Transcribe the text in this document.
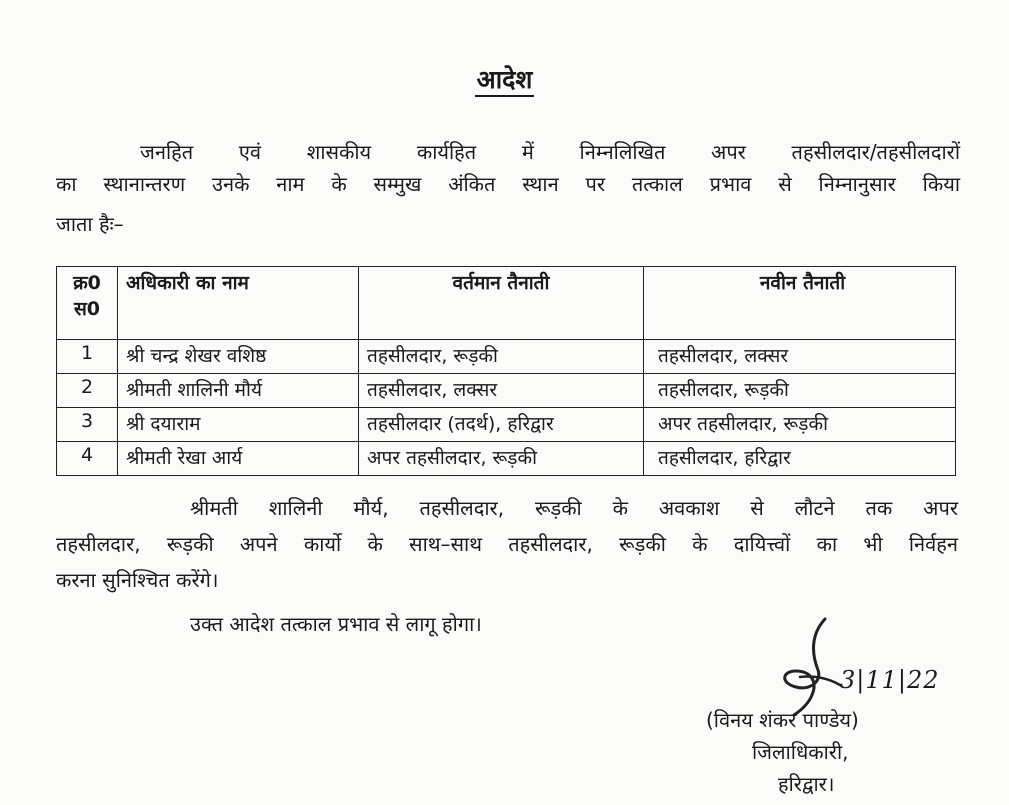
आदेश
जनहित एवं शासकीय कार्यहित में निम्नलिखित अपर तहसीलदार/तहसीलदारों
का स्थानान्तरण उनके नाम के सम्मुख अंकित स्थान पर तत्काल प्रभाव से निम्नानुसार किया
जाता हैः–
क्र0 स0	अधिकारी का नाम	वर्तमान तैनाती	नवीन तैनाती
1	श्री चन्द्र शेखर वशिष्ठ	तहसीलदार, रूड़की	तहसीलदार, लक्सर
2	श्रीमती शालिनी मौर्य	तहसीलदार, लक्सर	तहसीलदार, रूड़की
3	श्री दयाराम	तहसीलदार (तदर्थ), हरिद्वार	अपर तहसीलदार, रूड़की
4	श्रीमती रेखा आर्य	अपर तहसीलदार, रूड़की	तहसीलदार, हरिद्वार
श्रीमती शालिनी मौर्य, तहसीलदार, रूड़की के अवकाश से लौटने तक अपर
तहसीलदार, रूड़की अपने कार्यो के साथ–साथ तहसीलदार, रूड़की के दायित्त्वों का भी निर्वहन
करना सुनिश्चित करेंगे।
उक्त आदेश तत्काल प्रभाव से लागू होगा।
3|11|22
(विनय शंकर पाण्डेय)
जिलाधिकारी,
हरिद्वार।
